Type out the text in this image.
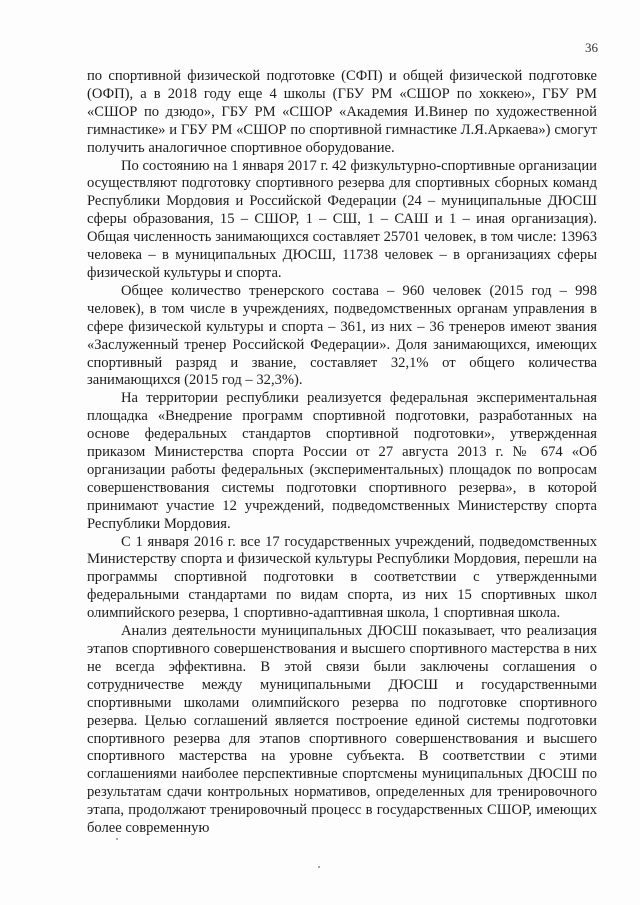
36

по спортивной физической подготовке (СФП) и общей физической подготовке (ОФП), а в 2018 году еще 4 школы (ГБУ РМ «СШОР по хоккею», ГБУ РМ «СШОР по дзюдо», ГБУ РМ «СШОР «Академия И.Винер по художественной гимнастике» и ГБУ РМ «СШОР по спортивной гимнастике Л.Я.Аркаева») смогут получить аналогичное спортивное оборудование.

По состоянию на 1 января 2017 г. 42 физкультурно-спортивные организации осуществляют подготовку спортивного резерва для спортивных сборных команд Республики Мордовия и Российской Федерации (24 – муниципальные ДЮСШ сферы образования, 15 – СШОР, 1 – СШ, 1 – САШ и 1 – иная организация). Общая численность занимающихся составляет 25701 человек, в том числе: 13963 человека – в муниципальных ДЮСШ, 11738 человек – в организациях сферы физической культуры и спорта.

Общее количество тренерского состава – 960 человек (2015 год – 998 человек), в том числе в учреждениях, подведомственных органам управления в сфере физической культуры и спорта – 361, из них – 36 тренеров имеют звания «Заслуженный тренер Российской Федерации». Доля занимающихся, имеющих спортивный разряд и звание, составляет 32,1% от общего количества занимающихся (2015 год – 32,3%).

На территории республики реализуется федеральная экспериментальная площадка «Внедрение программ спортивной подготовки, разработанных на основе федеральных стандартов спортивной подготовки», утвержденная приказом Министерства спорта России от 27 августа 2013 г. № 674 «Об организации работы федеральных (экспериментальных) площадок по вопросам совершенствования системы подготовки спортивного резерва», в которой принимают участие 12 учреждений, подведомственных Министерству спорта Республики Мордовия.

С 1 января 2016 г. все 17 государственных учреждений, подведомственных Министерству спорта и физической культуры Республики Мордовия, перешли на программы спортивной подготовки в соответствии с утвержденными федеральными стандартами по видам спорта, из них 15 спортивных школ олимпийского резерва, 1 спортивно-адаптивная школа, 1 спортивная школа.

Анализ деятельности муниципальных ДЮСШ показывает, что реализация этапов спортивного совершенствования и высшего спортивного мастерства в них не всегда эффективна. В этой связи были заключены соглашения о сотрудничестве между муниципальными ДЮСШ и государственными спортивными школами олимпийского резерва по подготовке спортивного резерва. Целью соглашений является построение единой системы подготовки спортивного резерва для этапов спортивного совершенствования и высшего спортивного мастерства на уровне субъекта. В соответствии с этими соглашениями наиболее перспективные спортсмены муниципальных ДЮСШ по результатам сдачи контрольных нормативов, определенных для тренировочного этапа, продолжают тренировочный процесс в государственных СШОР, имеющих более современную
